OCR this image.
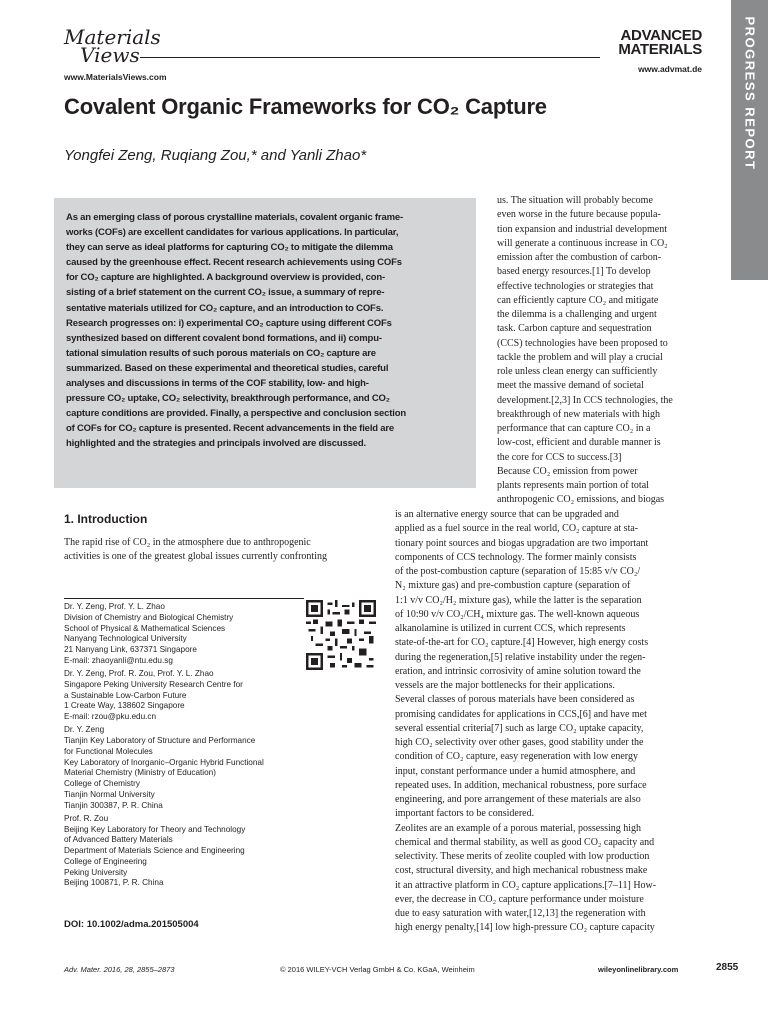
Materials
Views
www.MaterialsViews.com
ADVANCED
MATERIALS
www.advmat.de	PROGRESS REPORT
Covalent Organic Frameworks for CO₂ Capture
Yongfei Zeng, Ruqiang Zou,* and Yanli Zhao*

As an emerging class of porous crystalline materials, covalent organic frame-
works (COFs) are excellent candidates for various applications. In particular,
they can serve as ideal platforms for capturing CO₂ to mitigate the dilemma
caused by the greenhouse effect. Recent research achievements using COFs
for CO₂ capture are highlighted. A background overview is provided, con-
sisting of a brief statement on the current CO₂ issue, a summary of repre-
sentative materials utilized for CO₂ capture, and an introduction to COFs.
Research progresses on: i) experimental CO₂ capture using different COFs
synthesized based on different covalent bond formations, and ii) compu-
tational simulation results of such porous materials on CO₂ capture are
summarized. Based on these experimental and theoretical studies, careful
analyses and discussions in terms of the COF stability, low- and high-
pressure CO₂ uptake, CO₂ selectivity, breakthrough performance, and CO₂
capture conditions are provided. Finally, a perspective and conclusion section
of COFs for CO₂ capture is presented. Recent advancements in the field are
highlighted and the strategies and principals involved are discussed.

us. The situation will probably become
even worse in the future because popula-
tion expansion and industrial development
will generate a continuous increase in CO₂
emission after the combustion of carbon-
based energy resources.[1] To develop
effective technologies or strategies that
can efficiently capture CO₂ and mitigate
the dilemma is a challenging and urgent
task. Carbon capture and sequestration
(CCS) technologies have been proposed to
tackle the problem and will play a crucial
role unless clean energy can sufficiently
meet the massive demand of societal
development.[2,3] In CCS technologies, the
breakthrough of new materials with high
performance that can capture CO₂ in a
low-cost, efficient and durable manner is
the core for CCS to success.[3]
Because CO₂ emission from power
plants represents main portion of total
anthropogenic CO₂ emissions, and biogas
is an alternative energy source that can be upgraded and
applied as a fuel source in the real world, CO₂ capture at sta-
tionary point sources and biogas upgradation are two important
components of CCS technology. The former mainly consists
of the post-combustion capture (separation of 15:85 v/v CO₂/
N₂ mixture gas) and pre-combustion capture (separation of
1:1 v/v CO₂/H₂ mixture gas), while the latter is the separation
of 10:90 v/v CO₂/CH₄ mixture gas. The well-known aqueous
alkanolamine is utilized in current CCS, which represents
state-of-the-art for CO₂ capture.[4] However, high energy costs
during the regeneration,[5] relative instability under the regen-
eration, and intrinsic corrosivity of amine solution toward the
vessels are the major bottlenecks for their applications.
Several classes of porous materials have been considered as
promising candidates for applications in CCS,[6] and have met
several essential criteria[7] such as large CO₂ uptake capacity,
high CO₂ selectivity over other gases, good stability under the
condition of CO₂ capture, easy regeneration with low energy
input, constant performance under a humid atmosphere, and
repeated uses. In addition, mechanical robustness, pore surface
engineering, and pore arrangement of these materials are also
important factors to be considered.
Zeolites are an example of a porous material, possessing high
chemical and thermal stability, as well as good CO₂ capacity and
selectivity. These merits of zeolite coupled with low production
cost, structural diversity, and high mechanical robustness make
it an attractive platform in CO₂ capture applications.[7–11] How-
ever, the decrease in CO₂ capture performance under moisture
due to easy saturation with water,[12,13] the regeneration with
high energy penalty,[14] low high-pressure CO₂ capture capacity
1. Introduction
The rapid rise of CO₂ in the atmosphere due to anthropogenic
activities is one of the greatest global issues currently confronting
Dr. Y. Zeng, Prof. Y. L. Zhao
Division of Chemistry and Biological Chemistry
School of Physical & Mathematical Sciences
Nanyang Technological University
21 Nanyang Link, 637371 Singapore
E-mail: zhaoyanli@ntu.edu.sg
Dr. Y. Zeng, Prof. R. Zou, Prof. Y. L. Zhao
Singapore Peking University Research Centre for
a Sustainable Low-Carbon Future
1 Create Way, 138602 Singapore
E-mail: rzou@pku.edu.cn
Dr. Y. Zeng
Tianjin Key Laboratory of Structure and Performance
for Functional Molecules
Key Laboratory of Inorganic–Organic Hybrid Functional
Material Chemistry (Ministry of Education)
College of Chemistry
Tianjin Normal University
Tianjin 300387, P. R. China
Prof. R. Zou
Beijing Key Laboratory for Theory and Technology
of Advanced Battery Materials
Department of Materials Science and Engineering
College of Engineering
Peking University
Beijing 100871, P. R. China
DOI: 10.1002/adma.201505004
Adv. Mater. 2016, 28, 2855–2873	© 2016 WILEY-VCH Verlag GmbH & Co. KGaA, Weinheim	wileyonlinelibrary.com	2855
